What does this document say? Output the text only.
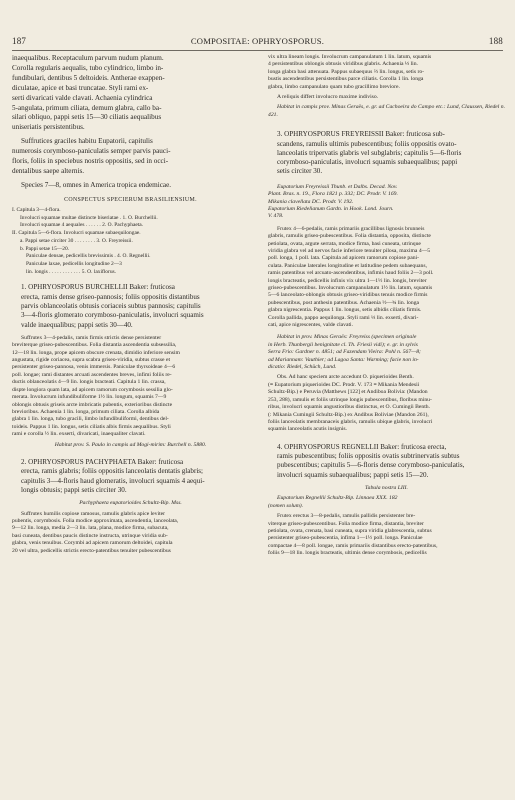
187	COMPOSITAE: OPHRYOSPORUS.	188
inaequalibus. Receptaculum parvum nudum planum.
Corolla regularis aequalis, tubo cylindrico, limbo in-
fundibulari, dentibus 5 deltoideis. Antherae exappen-
diculatae, apice et basi truncatae. Styli rami ex-
serti divaricati valde clavati. Achaenia cylindrica
5-angulata, primum ciliata, demum glabra, callo ba-
silari obliquo, pappi setis 15—30 ciliatis aequalibus
uniseriatis persistentibus.
Suffrutices graciles habitu Eupatorii, capitulis
numerosis corymboso-paniculatis semper parvis pauci-
floris, foliis in speciebus nostris oppositis, sed in occi-
dentalibus saepe alternis.

Species 7—8, omnes in America tropica endemicae.

CONSPECTUS SPECIERUM BRASILIENSIUM.
I. Capitula 3—4-flora.
Involucri squamae multae distincte biseriatae . 1. O. Burchellii.
Involucri squamae 4 aequales . . . . . . 2. O. Pachyphaeta.
II. Capitula 5—6-flora. Involucri squamae subaequilongae.
a. Pappi setae circiter 30 . . . . . . . . 3. O. Freyreissii.
b. Pappi setae 15—20.
Paniculae densae, pedicellis brevissimis . 4. O. Regnellii.
Paniculae laxae, pedicellis longitudine 2—3
lin. longis . . . . . . . . . . . . 5. O. laxiflorus.
1. OPHRYOSPORUS BURCHELLII Baker: fruticosa
erecta, ramis dense griseo-pannosis; foliis oppositis distantibus
parvis oblanceolatis obtusis coriaceis subtus pannosis; capitulis
3—4-floris glomerato corymboso-paniculatis, involucri squamis
valde inaequalibus; pappi setis 30—40.
Suffrutex 3—4-pedalis, ramis firmis strictis dense persistenter
breviterque griseo-pubescentibus. Folia distantia ascendentia subsessilia,
12—18 lin. longa, prope apicem obscure crenata, dimidio inferiore sensim
angustata, rigide coriacea, supra scabra griseo-viridia, subtus crasse et
persistenter griseo-pannosa, venis immersis. Paniculae thyrsoideae 4—6
poll. longae; rami distantes arcuati ascendentes breves, infimi foliis re-
ductis oblanceolatis 4—9 lin. longis bracteati. Capitula 1 lin. crassa,
dispte longiora quam lata, ad apicem ramorum corymbosis sessilia glo-
merata. Involucrum infundibuliforme 1½ lin. longum, squamis 7—9
oblongis obtusis griseis arcte imbricatis pubentis, exterioribus distincte
brevioribus. Achaenia 1 lin. longa, primum ciliata. Corolla albida
glabra 1 lin. longa, tubo gracili, limbo infundibuliformi, dentibus del-
toideis. Pappus 1 lin. longus, setis ciliatis albis firmis aequalibus. Styli
rami e corolla ½ lin. exserti, divaricati, inaequaliter clavati.

Habitat prov. S. Paulo in campis ad Mogi-mirim: Burchell n. 5880.

2. OPHRYOSPORUS PACHYPHAETA Baker: fruticosa
erecta, ramis glabris; foliis oppositis lanceolatis dentatis glabris;
capitulis 3—4-floris haud glomeratis, involucri squamis 4 aequi-
longis obtusis; pappi setis circiter 30.

Pachyphaeta eupatorioides Schultz-Bip. Mss.

Suffrutex humilis copiose ramosus, ramulis glabris apice leviter
pubentis, corymbosis. Folia modice approximata, ascendentia, lanceolata,
9—12 lin. longa, media 2—3 lin. lata, plana, modice firma, subacuta,
basi cuneata, dentibus paucis distincte instructa, utrinque viridia sub-
glabra, venis tenuibus. Corymbi ad apicem ramorum deltoidei, capitula
20 vel ultra, pedicellis strictis erecto-patentibus tenuiter pubescentibus
vix ultra lineam longis. Involucrum campanulatum 1 lin. latum, squamis
4 persistentibus oblongis obtusis viridibus glabris. Achaenia ⅓ lin.
longa glabra basi attenuata. Pappus subaequus ⅔ lin. longus, setis ro-
bustis ascendentibus persistentibus parce ciliatis. Corolla 1 lin. longa
glabra, limbo campanulato quam tubo gracillimo breviore.

A reliquis differt involucro maxime indiviso.

Habitat in campis prov. Minas Geraës, e. gr. ad Cachoeira do Campo etc.: Lund, Claussen, Riedel n. 421.

3. OPHRYOSPORUS FREYREISSII Baker: fruticosa sub-
scandens, ramulis ultimis pubescentibus; foliis oppositis ovato-
lanceolatis tripervatis glabris vel subglabris; capitulis 5—6-floris
corymboso-paniculatis, involucri squamis subaequalibus; pappi
setis circiter 30.
Eupatorium Freyreissii Thunb. et Dalbs. Decad. Nov.
Plant. Bras. n. 19., Flora 1821 p. 332; DC. Prodr. V. 169.
Mikania clavellata DC. Prodr. V. 192.
Eupatorium Riedelianum Gardn. in Hook. Lond. Journ.
V. 478.
Frutex 4—6-pedalis, ramis primariis gracillibus lignosis brunneis
glabris, ramulis griseo-pubescentibus. Folia distantia, opposita, distincte
petiolata, ovata, argute serrata, modice firma, basi cuneata, utrinque
viridia glabra vel ad nervos facie inferiore tenuiter pilosa, maxima 4—5
poll. longa, 1 poll. lata. Capitula ad apicem ramorum copiose pani-
culata. Paniculae laterales longitudine et latitudine pedem subaequans,
ramis patentibus vel arcuato-ascendentibus, infimis haud foliis 2—3 poll.
longis bracteatis, pedicellis infinis vix ultra 1—1½ lin. longis, breviter
griseo-pubescentibus. Involucrum campanulatum 1½ lin. latum, squamis
5—6 lanceolato-oblongis obtusis griseo-viridibus tenuis modice firmis
pubescentibus, post anthesin patentibus. Achaenia ½—¾ lin. longa
glabra nigrescentia. Pappus 1 lin. longus, setis albidis ciliatis firmis.
Corolla pallida, pappo aequilonga. Styli rami ⅓ lin. exserti, divari-
cati, apice nigrescentes, valde clavati.
Habitat in prov. Minas Geraës: Freyreiss (specimen originale
in Herb. Thunbergii benignitate cl. Th. Friesii vidi); e. gr. in sylvis
Serra Frio: Gardner n. 4851; ad Fazendam Vieira: Pohl n. 567—8;
ad Mariannam: Vauthier; ad Lagoa Santa: Warming; facie non in-
dicatio: Riedel, Schüch, Lund.
Obs. Ad hanc speciem arcte accedunt O. piquerioides Benth.
(≡ Eupatorium piquerioides DC. Prodr. V. 173 ≡ Mikania Mendesii
Schultz-Bip.) e Peruvia (Matthews [122] et Andiboa Bolivia: (Mandon
253, 288), ramulis et foliis utrinque longis pubescentibus, floribus minu-
ribus, involucri squamis angustioribus distinctus, et O. Cumingii Benth.
(: Mikania Cumingii Schultz-Bip.) ex Andibus Boliviae (Mandon 261),
foliis lanceolatis membranaceis glabris, ramulis ubique glabris, involucri
squamis lanceolatis acutis insignis.
4. OPHRYOSPORUS REGNELLII Baker: fruticosa erecta,
ramis pubescentibus; foliis oppositis ovatis subtrinervatis subtus
pubescentibus; capitulis 5—6-floris dense corymboso-paniculatis,
involucri squamis subaequalibus; pappi setis 15—20.

Tabula nostra LIII.

Eupatorium Regnellii Schultz-Bip. Linnaea XXX. 182
(nomen solum).
Frutex erectus 3—8-pedalis, ramulis pallidis persistenter bre-
viterque griseo-pubescentibus. Folia modice firma, distantia, breviter
petiolata, ovata, crenata, basi cuneata, supra viridia glabrescentia, subtus
persistenter griseo-pubescentia, infima 1—1½ poll. longa. Paniculae
compactae 4—8 poll. longae, ramis primariis distantibus erecto-patentibus,
foliis 9—18 lin. longis bracteatis, ultimis dense corymbosis, pedicellis
